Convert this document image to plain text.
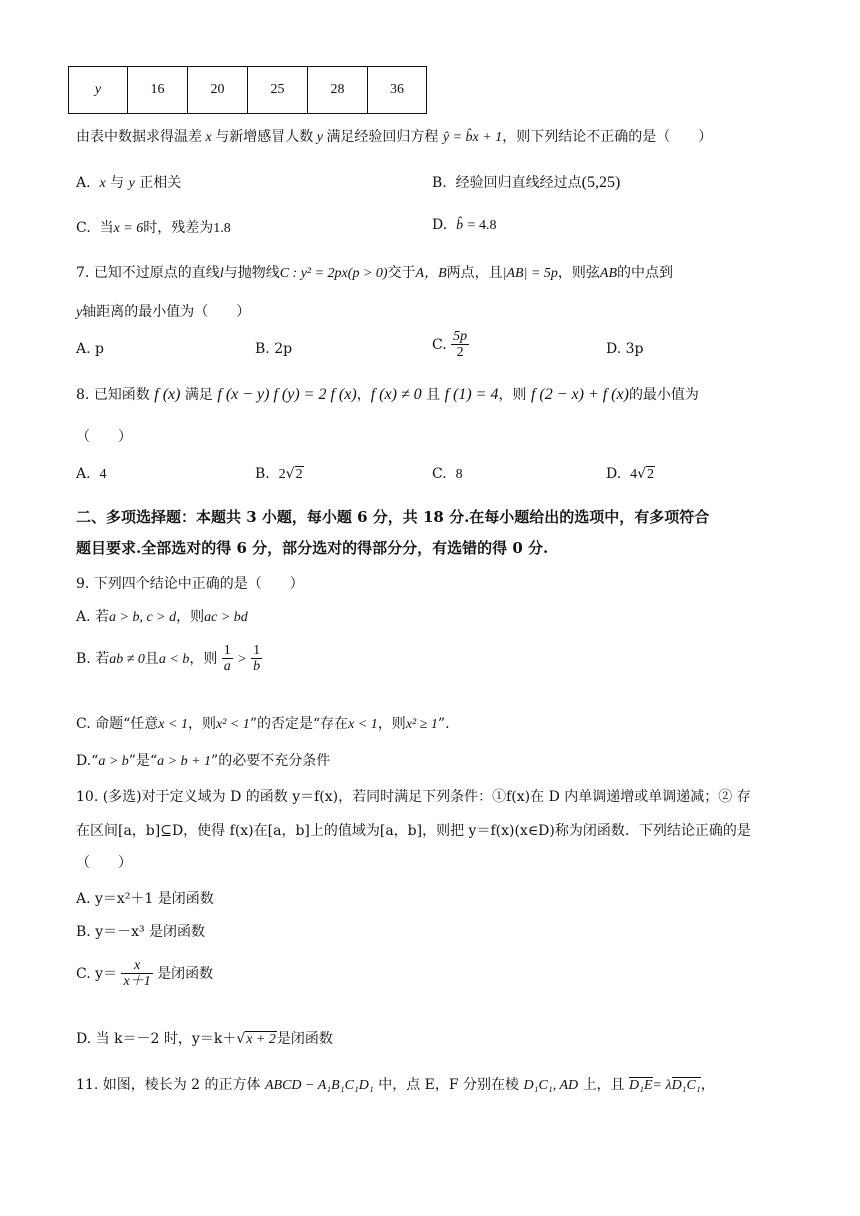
y	16	20	25	28	36
由表中数据求得温差 x 与新增感冒人数 y 满足经验回归方程 ŷ = b̂x + 1，则下列结论不正确的是（　　）
A. x 与 y 正相关	B. 经验回归直线经过点(5,25)
C. 当x = 6时，残差为1.8	D. b̂ = 4.8
7. 已知不过原点的直线l与抛物线C : y² = 2px(p > 0)交于A，B两点，且|AB| = 5p，则弦AB的中点到
y轴距离的最小值为（　　）
A. p	B. 2p	C. $\frac{5p}{2}$	D. 3p
8. 已知函数 f (x) 满足 f (x − y) f (y) = 2 f (x)，f (x) ≠ 0 且 f (1) = 4，则 f (2 − x) + f (x)的最小值为
（　　）
A. 4	B. 2√2	C. 8	D. 4√2
二、多项选择题：本题共 3 小题，每小题 6 分，共 18 分.在每小题给出的选项中，有多项符合
题目要求.全部选对的得 6 分，部分选对的得部分分，有选错的得 0 分.
9. 下列四个结论中正确的是（　　）
A. 若a > b, c > d，则ac > bd
B. 若ab ≠ 0且a < b，则 $\frac{1}{a} > \frac{1}{b}$
C. 命题“任意x < 1，则x² < 1”的否定是“存在x < 1，则x² ≥ 1”.
D.“a > b”是“a > b + 1”的必要不充分条件
10. (多选)对于定义域为 D 的函数 y＝f(x)，若同时满足下列条件：①f(x)在 D 内单调递增或单调递减；② 存
在区间[a，b]⊆D，使得 f(x)在[a，b]上的值域为[a，b]，则把 y＝f(x)(x∈D)称为闭函数．下列结论正确的是
（　　）
A. y＝x²＋1 是闭函数
B. y＝－x³ 是闭函数
C. $y= \frac{x}{x+1}$ 是闭函数
D. 当 k＝－2 时，y＝k＋√x + 2是闭函数
11. 如图，棱长为 2 的正方体 ABCD − A₁B₁C₁D₁ 中，点 E，F 分别在棱 D₁C₁, AD 上，且 D₁E= λD₁C₁，
